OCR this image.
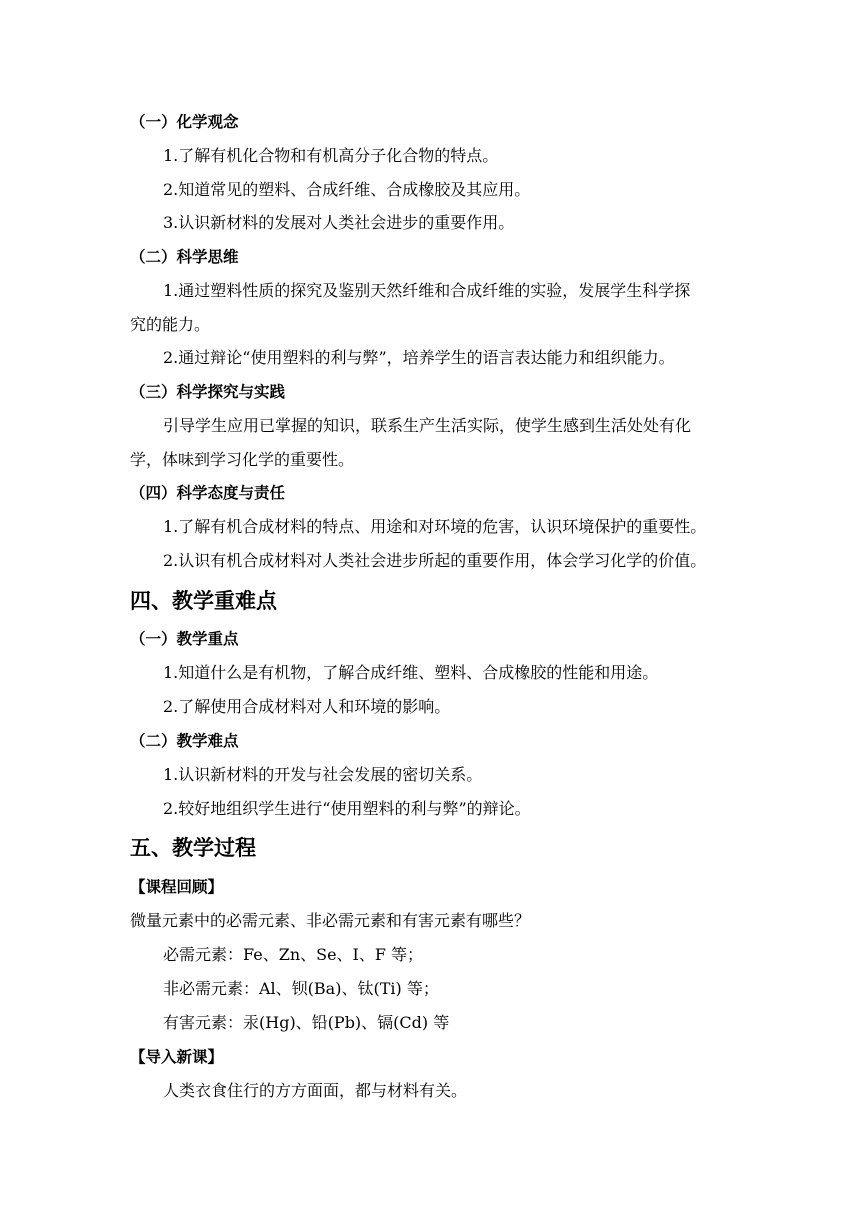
（一）化学观念
1.了解有机化合物和有机高分子化合物的特点。
2.知道常见的塑料、合成纤维、合成橡胶及其应用。
3.认识新材料的发展对人类社会进步的重要作用。
（二）科学思维
1.通过塑料性质的探究及鉴别天然纤维和合成纤维的实验，发展学生科学探
究的能力。
2.通过辩论“使用塑料的利与弊”，培养学生的语言表达能力和组织能力。
（三）科学探究与实践
引导学生应用已掌握的知识，联系生产生活实际，使学生感到生活处处有化
学，体味到学习化学的重要性。
（四）科学态度与责任
1.了解有机合成材料的特点、用途和对环境的危害，认识环境保护的重要性。
2.认识有机合成材料对人类社会进步所起的重要作用，体会学习化学的价值。
四、教学重难点
（一）教学重点
1.知道什么是有机物，了解合成纤维、塑料、合成橡胶的性能和用途。
2.了解使用合成材料对人和环境的影响。
（二）教学难点
1.认识新材料的开发与社会发展的密切关系。
2.较好地组织学生进行“使用塑料的利与弊”的辩论。
五、教学过程
【课程回顾】
微量元素中的必需元素、非必需元素和有害元素有哪些？
必需元素：Fe、Zn、Se、I、F 等；
非必需元素：Al、钡(Ba)、钛(Ti) 等；
有害元素：汞(Hg)、铅(Pb)、镉(Cd) 等
【导入新课】
人类衣食住行的方方面面，都与材料有关。
